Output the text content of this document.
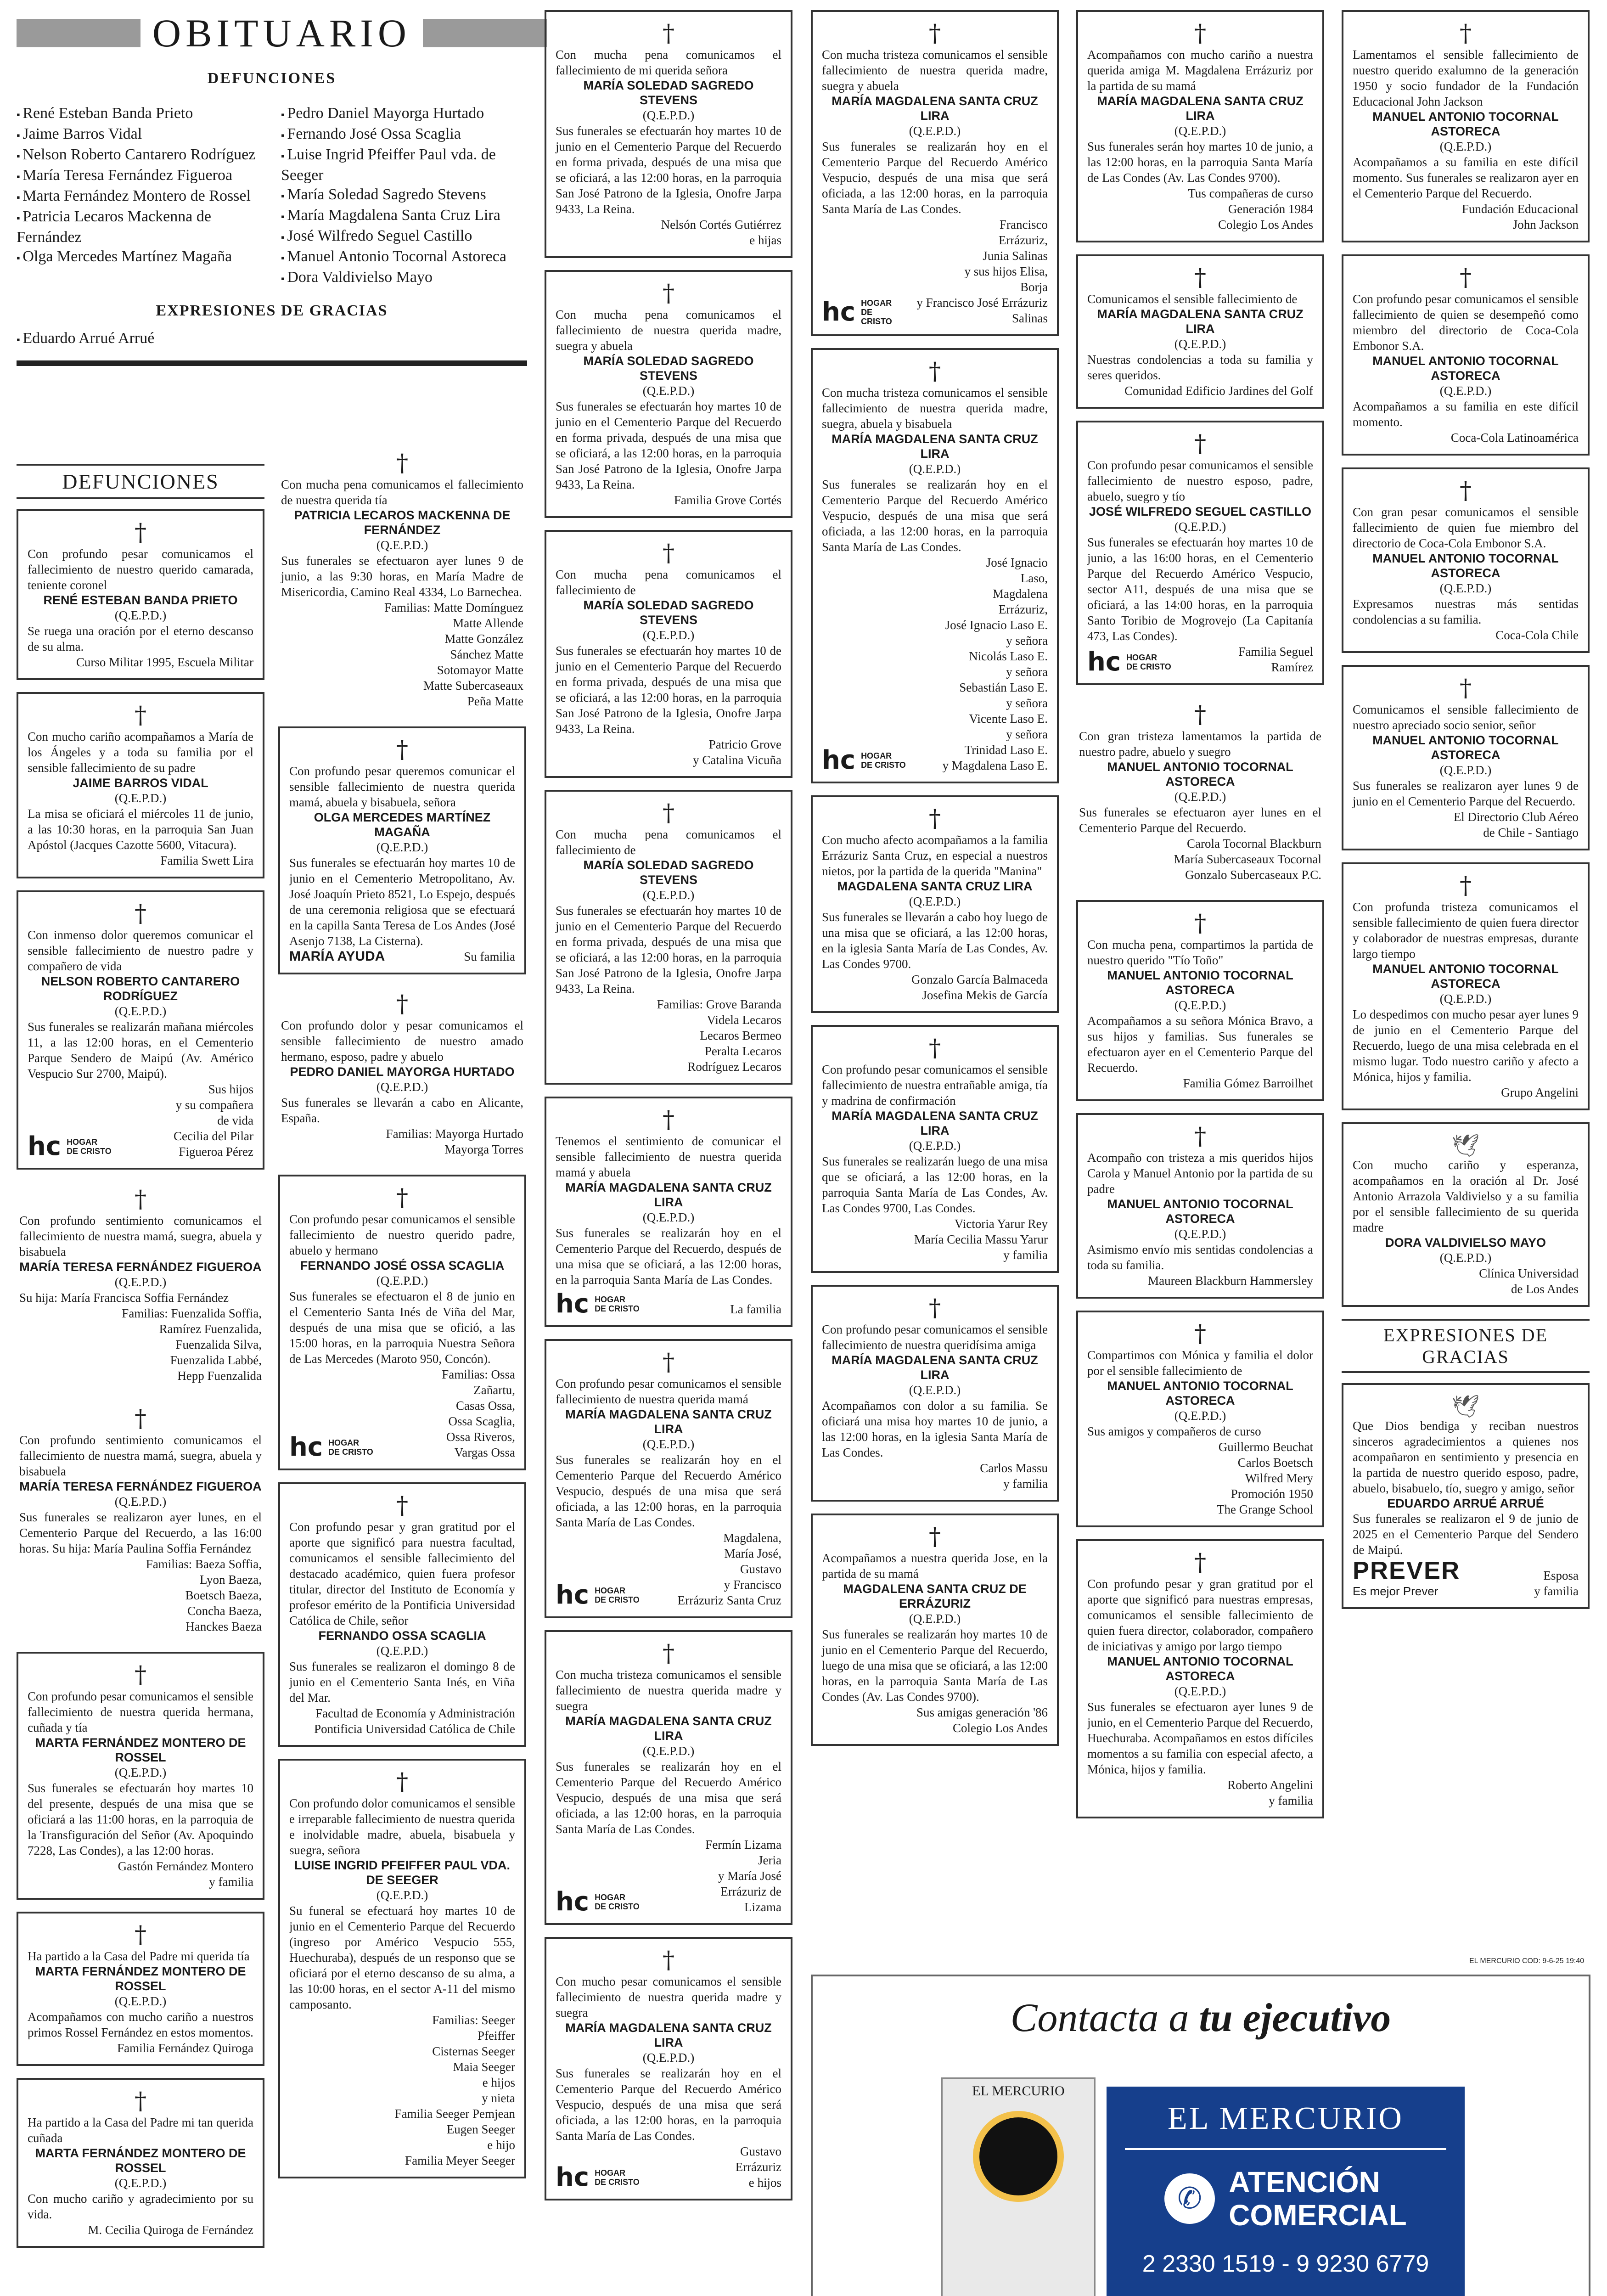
OBITUARIO
DEFUNCIONES
▪ René Esteban Banda Prieto
▪ Jaime Barros Vidal
▪ Nelson Roberto Cantarero Rodríguez
▪ María Teresa Fernández Figueroa
▪ Marta Fernández Montero de Rossel
▪ Patricia Lecaros Mackenna de Fernández
▪ Olga Mercedes Martínez Magaña
▪ Pedro Daniel Mayorga Hurtado
▪ Fernando José Ossa Scaglia
▪ Luise Ingrid Pfeiffer Paul vda. de Seeger
▪ María Soledad Sagredo Stevens
▪ María Magdalena Santa Cruz Lira
▪ José Wilfredo Seguel Castillo
▪ Manuel Antonio Tocornal Astoreca
▪ Dora Valdivielso Mayo
EXPRESIONES DE GRACIAS
▪ Eduardo Arrué Arrué
DEFUNCIONES
†
Con profundo pesar comunicamos el fallecimiento de nuestro querido camarada, teniente coronel
RENÉ ESTEBAN BANDA PRIETO
(Q.E.P.D.)
Se ruega una oración por el eterno descanso de su alma.
Curso Militar 1995, Escuela Militar
†
Con mucho cariño acompañamos a María de los Ángeles y a toda su familia por el sensible fallecimiento de su padre
JAIME BARROS VIDAL
(Q.E.P.D.)
La misa se oficiará el miércoles 11 de junio, a las 10:30 horas, en la parroquia San Juan Apóstol (Jacques Cazotte 5600, Vitacura).
Familia Swett Lira
†
Con inmenso dolor queremos comunicar el sensible fallecimiento de nuestro padre y compañero de vida
NELSON ROBERTO CANTARERO RODRÍGUEZ
(Q.E.P.D.)
Sus funerales se realizarán mañana miércoles 11, a las 12:00 horas, en el Cementerio Parque Sendero de Maipú (Av. Américo Vespucio Sur 2700, Maipú).
hc HOGAR
DE CRISTO
Sus hijos
y su compañera
de vida
Cecilia del Pilar
Figueroa Pérez
†
Con profundo sentimiento comunicamos el fallecimiento de nuestra mamá, suegra, abuela y bisabuela
MARÍA TERESA FERNÁNDEZ FIGUEROA
(Q.E.P.D.)
Su hija: María Francisca Soffia Fernández
Familias: Fuenzalida Soffia,
Ramírez Fuenzalida,
Fuenzalida Silva,
Fuenzalida Labbé,
Hepp Fuenzalida
†
Con profundo sentimiento comunicamos el fallecimiento de nuestra mamá, suegra, abuela y bisabuela
MARÍA TERESA FERNÁNDEZ FIGUEROA
(Q.E.P.D.)
Sus funerales se realizaron ayer lunes, en el Cementerio Parque del Recuerdo, a las 16:00 horas. Su hija: María Paulina Soffia Fernández
Familias: Baeza Soffia,
Lyon Baeza,
Boetsch Baeza,
Concha Baeza,
Hanckes Baeza
†
Con profundo pesar comunicamos el sensible fallecimiento de nuestra querida hermana, cuñada y tía
MARTA FERNÁNDEZ MONTERO DE ROSSEL
(Q.E.P.D.)
Sus funerales se efectuarán hoy martes 10 del presente, después de una misa que se oficiará a las 11:00 horas, en la parroquia de la Transfiguración del Señor (Av. Apoquindo 7228, Las Condes), a las 12:00 horas.
Gastón Fernández Montero
y familia
†
Ha partido a la Casa del Padre mi querida tía
MARTA FERNÁNDEZ MONTERO DE ROSSEL
(Q.E.P.D.)
Acompañamos con mucho cariño a nuestros primos Rossel Fernández en estos momentos.
Familia Fernández Quiroga
†
Ha partido a la Casa del Padre mi tan querida cuñada
MARTA FERNÁNDEZ MONTERO DE ROSSEL
(Q.E.P.D.)
Con mucho cariño y agradecimiento por su vida.
M. Cecilia Quiroga de Fernández
†
Con mucha pena comunicamos el fallecimiento de nuestra querida tía
PATRICIA LECAROS MACKENNA DE FERNÁNDEZ
(Q.E.P.D.)
Sus funerales se efectuaron ayer lunes 9 de junio, a las 9:30 horas, en María Madre de Misericordia, Camino Real 4334, Lo Barnechea.
Familias: Matte Domínguez
Matte Allende
Matte González
Sánchez Matte
Sotomayor Matte
Matte Subercaseaux
Peña Matte
†
Con profundo pesar queremos comunicar el sensible fallecimiento de nuestra querida mamá, abuela y bisabuela, señora
OLGA MERCEDES MARTÍNEZ MAGAÑA
(Q.E.P.D.)
Sus funerales se efectuarán hoy martes 10 de junio en el Cementerio Metropolitano, Av. José Joaquín Prieto 8521, Lo Espejo, después de una ceremonia religiosa que se efectuará en la capilla Santa Teresa de Los Andes (José Asenjo 7138, La Cisterna).
MARÍA AYUDA	Su familia
†
Con profundo dolor y pesar comunicamos el sensible fallecimiento de nuestro amado hermano, esposo, padre y abuelo
PEDRO DANIEL MAYORGA HURTADO
(Q.E.P.D.)
Sus funerales se llevarán a cabo en Alicante, España.
Familias: Mayorga Hurtado
Mayorga Torres
†
Con profundo pesar comunicamos el sensible fallecimiento de nuestro querido padre, abuelo y hermano
FERNANDO JOSÉ OSSA SCAGLIA
(Q.E.P.D.)
Sus funerales se efectuaron el 8 de junio en el Cementerio Santa Inés de Viña del Mar, después de una misa que se ofició, a las 15:00 horas, en la parroquia Nuestra Señora de Las Mercedes (Maroto 950, Concón).
hc HOGAR
DE CRISTO
Familias: Ossa
Zañartu,
Casas Ossa,
Ossa Scaglia,
Ossa Riveros,
Vargas Ossa
†
Con profundo pesar y gran gratitud por el aporte que significó para nuestra facultad, comunicamos el sensible fallecimiento del destacado académico, quien fuera profesor titular, director del Instituto de Economía y profesor emérito de la Pontificia Universidad Católica de Chile, señor
FERNANDO OSSA SCAGLIA
(Q.E.P.D.)
Sus funerales se realizaron el domingo 8 de junio en el Cementerio Santa Inés, en Viña del Mar.
Facultad de Economía y Administración
Pontificia Universidad Católica de Chile
†
Con profundo dolor comunicamos el sensible e irreparable fallecimiento de nuestra querida e inolvidable madre, abuela, bisabuela y suegra, señora
LUISE INGRID PFEIFFER PAUL VDA. DE SEEGER
(Q.E.P.D.)
Su funeral se efectuará hoy martes 10 de junio en el Cementerio Parque del Recuerdo (ingreso por Américo Vespucio 555, Huechuraba), después de un responso que se oficiará por el eterno descanso de su alma, a las 10:00 horas, en el sector A-11 del mismo camposanto.
Familias: Seeger
Pfeiffer
Cisternas Seeger
Maia Seeger
e hijos
y nieta
Familia Seeger Pemjean
Eugen Seeger
e hijo
Familia Meyer Seeger
†
Con mucha pena comunicamos el fallecimiento de mi querida señora
MARÍA SOLEDAD SAGREDO STEVENS
(Q.E.P.D.)
Sus funerales se efectuarán hoy martes 10 de junio en el Cementerio Parque del Recuerdo en forma privada, después de una misa que se oficiará, a las 12:00 horas, en la parroquia San José Patrono de la Iglesia, Onofre Jarpa 9433, La Reina.
Nelsón Cortés Gutiérrez
e hijas
†
Con mucha pena comunicamos el fallecimiento de nuestra querida madre, suegra y abuela
MARÍA SOLEDAD SAGREDO STEVENS
(Q.E.P.D.)
Sus funerales se efectuarán hoy martes 10 de junio en el Cementerio Parque del Recuerdo en forma privada, después de una misa que se oficiará, a las 12:00 horas, en la parroquia San José Patrono de la Iglesia, Onofre Jarpa 9433, La Reina.
Familia Grove Cortés
†
Con mucha pena comunicamos el fallecimiento de
MARÍA SOLEDAD SAGREDO STEVENS
(Q.E.P.D.)
Sus funerales se efectuarán hoy martes 10 de junio en el Cementerio Parque del Recuerdo en forma privada, después de una misa que se oficiará, a las 12:00 horas, en la parroquia San José Patrono de la Iglesia, Onofre Jarpa 9433, La Reina.
Patricio Grove
y Catalina Vicuña
†
Con mucha pena comunicamos el fallecimiento de
MARÍA SOLEDAD SAGREDO STEVENS
(Q.E.P.D.)
Sus funerales se efectuarán hoy martes 10 de junio en el Cementerio Parque del Recuerdo en forma privada, después de una misa que se oficiará, a las 12:00 horas, en la parroquia San José Patrono de la Iglesia, Onofre Jarpa 9433, La Reina.
Familias: Grove Baranda
Videla Lecaros
Lecaros Bermeo
Peralta Lecaros
Rodríguez Lecaros
†
Tenemos el sentimiento de comunicar el sensible fallecimiento de nuestra querida mamá y abuela
MARÍA MAGDALENA SANTA CRUZ LIRA
(Q.E.P.D.)
Sus funerales se realizarán hoy en el Cementerio Parque del Recuerdo, después de una misa que se oficiará, a las 12:00 horas, en la parroquia Santa María de Las Condes.
hc HOGAR
DE CRISTO	La familia
†
Con profundo pesar comunicamos el sensible fallecimiento de nuestra querida mamá
MARÍA MAGDALENA SANTA CRUZ LIRA
(Q.E.P.D.)
Sus funerales se realizarán hoy en el Cementerio Parque del Recuerdo Américo Vespucio, después de una misa que será oficiada, a las 12:00 horas, en la parroquia Santa María de Las Condes.
hc HOGAR
DE CRISTO
Magdalena,
María José,
Gustavo
y Francisco
Errázuriz Santa Cruz
†
Con mucha tristeza comunicamos el sensible fallecimiento de nuestra querida madre y suegra
MARÍA MAGDALENA SANTA CRUZ LIRA
(Q.E.P.D.)
Sus funerales se realizarán hoy en el Cementerio Parque del Recuerdo Américo Vespucio, después de una misa que será oficiada, a las 12:00 horas, en la parroquia Santa María de Las Condes.
hc HOGAR
DE CRISTO
Fermín Lizama
Jeria
y María José
Errázuriz de
Lizama
†
Con mucho pesar comunicamos el sensible fallecimiento de nuestra querida madre y suegra
MARÍA MAGDALENA SANTA CRUZ LIRA
(Q.E.P.D.)
Sus funerales se realizarán hoy en el Cementerio Parque del Recuerdo Américo Vespucio, después de una misa que será oficiada, a las 12:00 horas, en la parroquia Santa María de Las Condes.
hc HOGAR
DE CRISTO
Gustavo
Errázuriz
e hijos
†
Con mucha tristeza comunicamos el sensible fallecimiento de nuestra querida madre, suegra y abuela
MARÍA MAGDALENA SANTA CRUZ LIRA
(Q.E.P.D.)
Sus funerales se realizarán hoy en el Cementerio Parque del Recuerdo Américo Vespucio, después de una misa que será oficiada, a las 12:00 horas, en la parroquia Santa María de Las Condes.
hc HOGAR
DE CRISTO
Francisco
Errázuriz,
Junia Salinas
y sus hijos Elisa,
Borja
y Francisco José Errázuriz Salinas
†
Con mucha tristeza comunicamos el sensible fallecimiento de nuestra querida madre, suegra, abuela y bisabuela
MARÍA MAGDALENA SANTA CRUZ LIRA
(Q.E.P.D.)
Sus funerales se realizarán hoy en el Cementerio Parque del Recuerdo Américo Vespucio, después de una misa que será oficiada, a las 12:00 horas, en la parroquia Santa María de Las Condes.
hc HOGAR
DE CRISTO
José Ignacio
Laso,
Magdalena
Errázuriz,
José Ignacio Laso E.
y señora
Nicolás Laso E.
y señora
Sebastián Laso E.
y señora
Vicente Laso E.
y señora
Trinidad Laso E.
y Magdalena Laso E.
†
Con mucho afecto acompañamos a la familia Errázuriz Santa Cruz, en especial a nuestros nietos, por la partida de la querida "Manina"
MAGDALENA SANTA CRUZ LIRA
(Q.E.P.D.)
Sus funerales se llevarán a cabo hoy luego de una misa que se oficiará, a las 12:00 horas, en la iglesia Santa María de Las Condes, Av. Las Condes 9700.
Gonzalo García Balmaceda
Josefina Mekis de García
†
Con profundo pesar comunicamos el sensible fallecimiento de nuestra entrañable amiga, tía y madrina de confirmación
MARÍA MAGDALENA SANTA CRUZ LIRA
(Q.E.P.D.)
Sus funerales se realizarán luego de una misa que se oficiará, a las 12:00 horas, en la parroquia Santa María de Las Condes, Av. Las Condes 9700, Las Condes.
Victoria Yarur Rey
María Cecilia Massu Yarur
y familia
†
Con profundo pesar comunicamos el sensible fallecimiento de nuestra queridísima amiga
MARÍA MAGDALENA SANTA CRUZ LIRA
(Q.E.P.D.)
Acompañamos con dolor a su familia. Se oficiará una misa hoy martes 10 de junio, a las 12:00 horas, en la iglesia Santa María de Las Condes.
Carlos Massu
y familia
†
Acompañamos a nuestra querida Jose, en la partida de su mamá
MAGDALENA SANTA CRUZ DE ERRÁZURIZ
(Q.E.P.D.)
Sus funerales se realizarán hoy martes 10 de junio en el Cementerio Parque del Recuerdo, luego de una misa que se oficiará, a las 12:00 horas, en la parroquia Santa María de Las Condes (Av. Las Condes 9700).
Sus amigas generación '86
Colegio Los Andes
†
Acompañamos con mucho cariño a nuestra querida amiga M. Magdalena Errázuriz por la partida de su mamá
MARÍA MAGDALENA SANTA CRUZ LIRA
(Q.E.P.D.)
Sus funerales serán hoy martes 10 de junio, a las 12:00 horas, en la parroquia Santa María de Las Condes (Av. Las Condes 9700).
Tus compañeras de curso
Generación 1984
Colegio Los Andes
†
Comunicamos el sensible fallecimiento de
MARÍA MAGDALENA SANTA CRUZ LIRA
(Q.E.P.D.)
Nuestras condolencias a toda su familia y seres queridos.
Comunidad Edificio Jardines del Golf
†
Con profundo pesar comunicamos el sensible fallecimiento de nuestro esposo, padre, abuelo, suegro y tío
JOSÉ WILFREDO SEGUEL CASTILLO
(Q.E.P.D.)
Sus funerales se efectuarán hoy martes 10 de junio, a las 16:00 horas, en el Cementerio Parque del Recuerdo Américo Vespucio, sector A11, después de una misa que se oficiará, a las 14:00 horas, en la parroquia Santo Toribio de Mogrovejo (La Capitanía 473, Las Condes).
hc HOGAR
DE CRISTO
Familia Seguel
Ramírez
†
Con gran tristeza lamentamos la partida de nuestro padre, abuelo y suegro
MANUEL ANTONIO TOCORNAL ASTORECA
(Q.E.P.D.)
Sus funerales se efectuaron ayer lunes en el Cementerio Parque del Recuerdo.
Carola Tocornal Blackburn
María Subercaseaux Tocornal
Gonzalo Subercaseaux P.C.
†
Con mucha pena, compartimos la partida de nuestro querido "Tío Toño"
MANUEL ANTONIO TOCORNAL ASTORECA
(Q.E.P.D.)
Acompañamos a su señora Mónica Bravo, a sus hijos y familias. Sus funerales se efectuaron ayer en el Cementerio Parque del Recuerdo.
Familia Gómez Barroilhet
†
Acompaño con tristeza a mis queridos hijos Carola y Manuel Antonio por la partida de su padre
MANUEL ANTONIO TOCORNAL ASTORECA
(Q.E.P.D.)
Asimismo envío mis sentidas condolencias a toda su familia.
Maureen Blackburn Hammersley
†
Compartimos con Mónica y familia el dolor por el sensible fallecimiento de
MANUEL ANTONIO TOCORNAL ASTORECA
(Q.E.P.D.)
Sus amigos y compañeros de curso
Guillermo Beuchat
Carlos Boetsch
Wilfred Mery
Promoción 1950
The Grange School
†
Con profundo pesar y gran gratitud por el aporte que significó para nuestras empresas, comunicamos el sensible fallecimiento de quien fuera director, colaborador, compañero de iniciativas y amigo por largo tiempo
MANUEL ANTONIO TOCORNAL ASTORECA
(Q.E.P.D.)
Sus funerales se efectuaron ayer lunes 9 de junio, en el Cementerio Parque del Recuerdo, Huechuraba. Acompañamos en estos difíciles momentos a su familia con especial afecto, a Mónica, hijos y familia.
Roberto Angelini
y familia
†
Lamentamos el sensible fallecimiento de nuestro querido exalumno de la generación 1950 y socio fundador de la Fundación Educacional John Jackson
MANUEL ANTONIO TOCORNAL ASTORECA
(Q.E.P.D.)
Acompañamos a su familia en este difícil momento. Sus funerales se realizaron ayer en el Cementerio Parque del Recuerdo.
Fundación Educacional
John Jackson
†
Con profundo pesar comunicamos el sensible fallecimiento de quien se desempeñó como miembro del directorio de Coca-Cola Embonor S.A.
MANUEL ANTONIO TOCORNAL ASTORECA
(Q.E.P.D.)
Acompañamos a su familia en este difícil momento.
Coca-Cola Latinoamérica
†
Con gran pesar comunicamos el sensible fallecimiento de quien fue miembro del directorio de Coca-Cola Embonor S.A.
MANUEL ANTONIO TOCORNAL ASTORECA
(Q.E.P.D.)
Expresamos nuestras más sentidas condolencias a su familia.
Coca-Cola Chile
†
Comunicamos el sensible fallecimiento de nuestro apreciado socio senior, señor
MANUEL ANTONIO TOCORNAL ASTORECA
(Q.E.P.D.)
Sus funerales se realizaron ayer lunes 9 de junio en el Cementerio Parque del Recuerdo.
El Directorio Club Aéreo
de Chile - Santiago
†
Con profunda tristeza comunicamos el sensible fallecimiento de quien fuera director y colaborador de nuestras empresas, durante largo tiempo
MANUEL ANTONIO TOCORNAL ASTORECA
(Q.E.P.D.)
Lo despedimos con mucho pesar ayer lunes 9 de junio en el Cementerio Parque del Recuerdo, luego de una misa celebrada en el mismo lugar. Todo nuestro cariño y afecto a Mónica, hijos y familia.
Grupo Angelini
🕊
Con mucho cariño y esperanza, acompañamos en la oración al Dr. José Antonio Arrazola Valdivielso y a su familia por el sensible fallecimiento de su querida madre
DORA VALDIVIELSO MAYO
(Q.E.P.D.)
Clínica Universidad
de Los Andes
EXPRESIONES DE GRACIAS
🕊
Que Dios bendiga y reciban nuestros sinceros agradecimientos a quienes nos acompañaron en sentimiento y presencia en la partida de nuestro querido esposo, padre, abuelo, bisabuelo, tío, suegro y amigo, señor
EDUARDO ARRUÉ ARRUÉ
Sus funerales se realizaron el 9 de junio de 2025 en el Cementerio Parque del Sendero de Maipú.
PREVER
Es mejor Prever
Esposa
y familia
EL MERCURIO COD: 9-6-25 19:40
Contacta a tu ejecutivo
EL MERCURIO
EL MERCURIO
✆ ATENCIÓN
COMERCIAL
2 2330 1519 - 9 9230 6779
